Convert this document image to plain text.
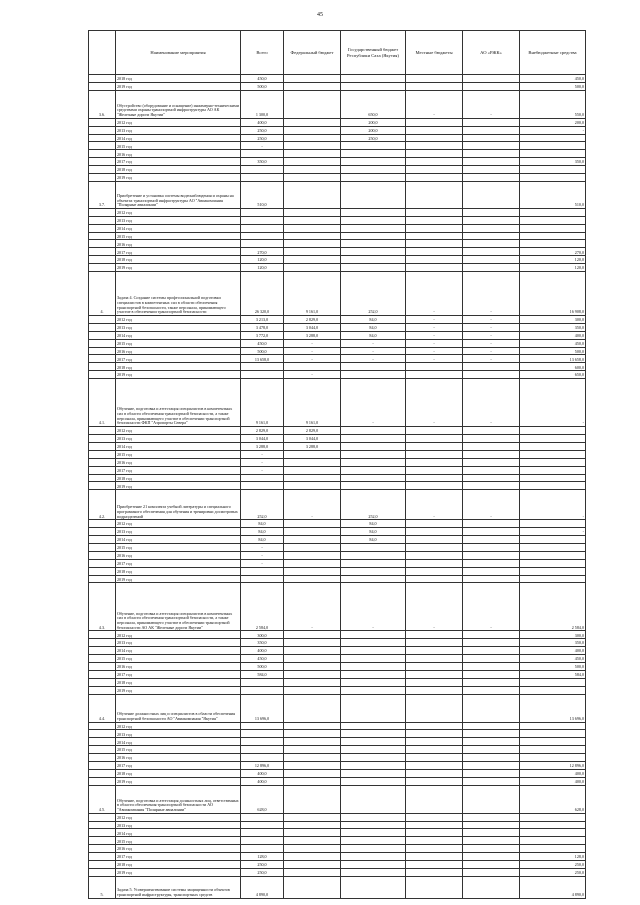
45
	Наименование мероприятия	Всего	Федеральный бюджет	Государственный бюджет Республики Саха (Якутия)	Местные бюджеты	АО «РЖК»	Внебюджетные средства
	2018 год	450,0					450,0
	2019 год	500,0					500,0
3.6.	Обустройство (оборудование и оснащение) инженерно-техническими средствами охраны транспортной инфраструктуры АО АК "Железные дороги Якутии"	1 300,0		650,0	-	-	550,0
	2012 год	400,0		200,0			200,0
	2013 год	250,0		200,0			-
	2014 год	250,0		250,0			
	2015 год	-					
	2016 год						
	2017 год	350,0					350,0
	2018 год						
	2019 год						
3.7.	Приобретение и установка системы видеонаблюдения и охраны на объектах транспортной инфраструктуры АО "Авиакомпания "Полярные авиалинии"	510,0					510,0
	2012 год						
	2013 год						
	2014 год						
	2015 год						
	2016 год						
	2017 год	270,0					270,0
	2018 год	120,0					120,0
	2019 год	120,0					120,0
4.	Задача 4. Создание системы профессиональной подготовки специалистов в компетентных сил в области обеспечения транспортной безопасности, также персонала, принимающего участие в обеспечении транспортной безопасности	26 320,0	9 161,0	252,0	-	-	16 908,0
	2012 год	3 213,0	2 829,0	84,0	-	-	300,0
	2013 год	3 478,0	3 044,0	84,0	-	-	350,0
	2014 год	3 772,0	3 288,0	84,0	-	-	400,0
	2015 год	450,0	-	-	-	-	450,0
	2016 год	500,0	-	-	-	-	500,0
	2017 год	13 658,0	-	-	-	-	13 658,0
	2018 год						600,0
	2019 год		-				650,0
4.1.	Обучение, подготовка и аттестация специалистов в компетентных сил в области обеспечения транспортной безопасности, а также персонала, принимающего участие в обеспечении транспортной безопасности ФКП "Аэропорты Севера"	9 161,0	9 161,0	-	-	-	-
	2012 год	2 829,0	2 829,0				
	2013 год	3 044,0	3 044,0				
	2014 год	3 288,0	3 288,0				
	2015 год	-					
	2016 год	-					
	2017 год	-					
	2018 год						
	2019 год						
4.2.	Приобретение 21 комплекта учебной литературы и специального программного обеспечения для обучения и тренировки досмотровых подразделений	252,0	-	252,0	-	-	-
	2012 год	84,0		84,0			
	2013 год	84,0		84,0			-
	2014 год	84,0		84,0			
	2015 год	-					
	2016 год	-					
	2017 год	-					
	2018 год						
	2019 год						
4.3.	Обучение, подготовка и аттестация специалистов в компетентных сил в области обеспечения транспортной безопасности, а также персонала, принимающего участие в обеспечении транспортной безопасности АО АК "Железные дороги Якутии"	2 584,0	-	-	-	-	2 584,0
	2012 год	300,0					300,0
	2013 год	350,0					350,0
	2014 год	400,0					400,0
	2015 год	450,0					450,0
	2016 год	500,0					500,0
	2017 год	584,0					584,0
	2018 год						
	2019 год						
4.4.	Обучение должностных лиц и специалистов в области обеспечения транспортной безопасности АО "Авиакомпания "Якутия"	13 696,0					13 696,0
	2012 год						
	2013 год						
	2014 год						
	2015 год						
	2016 год						
	2017 год	12 896,0					12 896,0
	2018 год	400,0					400,0
	2019 год	400,0					400,0
4.5.	Обучение, подготовка и аттестация должностных лиц, ответственных в области обеспечения транспортной безопасности АО "Авиакомпания "Полярные авиалинии"	628,0					628,0
	2012 год						
	2013 год						
	2014 год						
	2015 год						
	2016 год						
	2017 год	128,0					128,0
	2018 год	250,0					250,0
	2019 год	250,0					250,0
5.	Задача 5. Усовершенствование системы защищенности объектов транспортной инфраструктуры, транспортных средств	4 890,0					4 890,0
